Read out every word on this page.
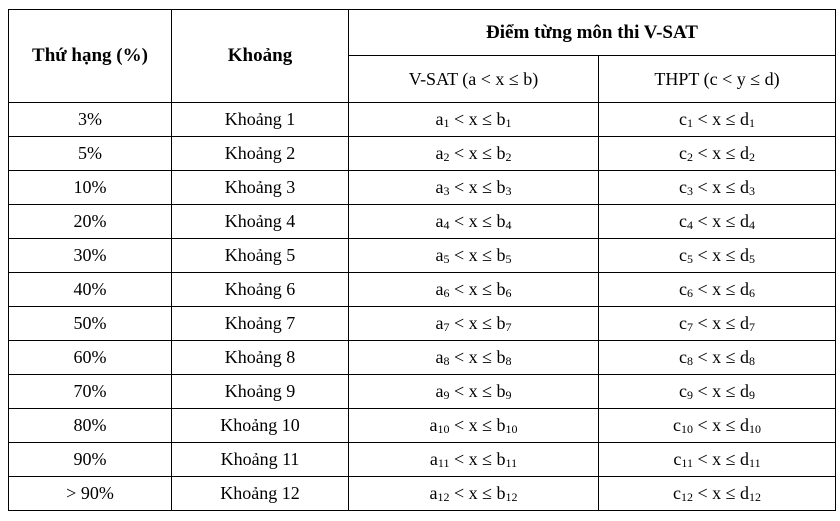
Thứ hạng (%)	Khoảng	Điểm từng môn thi V-SAT	
		V-SAT (a < x ≤ b)	THPT (c < y ≤ d)
3%	Khoảng 1	$a_1 < x \le b_1$	$c_1 < x \le d_1$
5%	Khoảng 2	$a_2 < x \le b_2$	$c_2 < x \le d_2$
10%	Khoảng 3	$a_3 < x \le b_3$	$c_3 < x \le d_3$
20%	Khoảng 4	$a_4 < x \le b_4$	$c_4 < x \le d_4$
30%	Khoảng 5	$a_5 < x \le b_5$	$c_5 < x \le d_5$
40%	Khoảng 6	$a_6 < x \le b_6$	$c_6 < x \le d_6$
50%	Khoảng 7	$a_7 < x \le b_7$	$c_7 < x \le d_7$
60%	Khoảng 8	$a_8 < x \le b_8$	$c_8 < x \le d_8$
70%	Khoảng 9	$a_9 < x \le b_9$	$c_9 < x \le d_9$
80%	Khoảng 10	$a_{10} < x \le b_{10}$	$c_{10} < x \le d_{10}$
90%	Khoảng 11	$a_{11} < x \le b_{11}$	$c_{11} < x \le d_{11}$
> 90%	Khoảng 12	$a_{12} < x \le b_{12}$	$c_{12} < x \le d_{12}$
